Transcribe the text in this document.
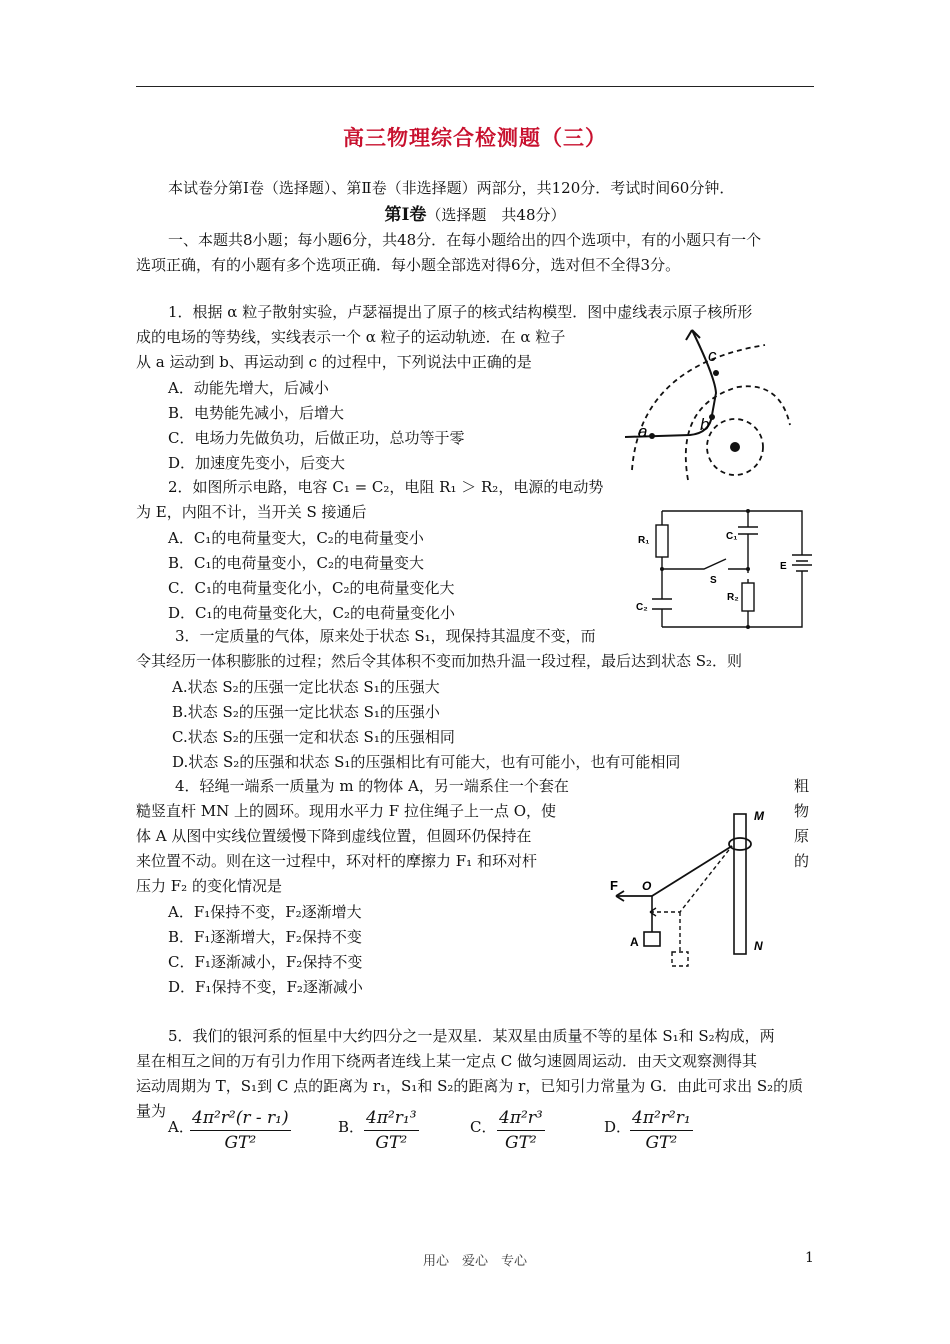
高三物理综合检测题（三）
本试卷分第Ⅰ卷（选择题）、第Ⅱ卷（非选择题）两部分，共120分．考试时间60分钟．
第Ⅰ卷（选择题　共48分）
一、本题共8小题；每小题6分，共48分．在每小题给出的四个选项中，有的小题只有一个
选项正确，有的小题有多个选项正确．每小题全部选对得6分，选对但不全得3分。
1．根据 α 粒子散射实验，卢瑟福提出了原子的核式结构模型．图中虚线表示原子核所形
成的电场的等势线，实线表示一个 α 粒子的运动轨迹．在 α 粒子
从 a 运动到 b、再运动到 c 的过程中，下列说法中正确的是
A．动能先增大，后减小
B．电势能先减小，后增大
C．电场力先做负功，后做正功，总功等于零
D．加速度先变小，后变大
a	b
c
2．如图所示电路，电容 C₁ = C₂，电阻 R₁ ＞ R₂，电源的电动势
为 E，内阻不计，当开关 S 接通后
A．C₁的电荷量变大，C₂的电荷量变小
B．C₁的电荷量变小，C₂的电荷量变大
C．C₁的电荷量变化小，C₂的电荷量变化大
D．C₁的电荷量变化大，C₂的电荷量变化小
R₁	C₁
S
R₂
C₂
E
3．一定质量的气体，原来处于状态 S₁，现保持其温度不变，而
令其经历一体积膨胀的过程；然后令其体积不变而加热升温一段过程，最后达到状态 S₂．则
A.状态 S₂的压强一定比状态 S₁的压强大
B.状态 S₂的压强一定比状态 S₁的压强小
C.状态 S₂的压强一定和状态 S₁的压强相同
D.状态 S₂的压强和状态 S₁的压强相比有可能大，也有可能小，也有可能相同
4．轻绳一端系一质量为 m 的物体 A，另一端系住一个套在
糙竖直杆 MN 上的圆环。现用水平力 F 拉住绳子上一点 O，使
体 A 从图中实线位置缓慢下降到虚线位置，但圆环仍保持在
来位置不动。则在这一过程中，环对杆的摩擦力 F₁ 和环对杆
压力 F₂ 的变化情况是
粗
物
原
的
A．F₁保持不变，F₂逐渐增大
B．F₁逐渐增大，F₂保持不变
C．F₁逐渐减小，F₂保持不变
D．F₁保持不变，F₂逐渐减小
M
N
F O
A
5．我们的银河系的恒星中大约四分之一是双星．某双星由质量不等的星体 S₁和 S₂构成，两
星在相互之间的万有引力作用下绕两者连线上某一定点 C 做匀速圆周运动．由天文观察测得其
运动周期为 T，S₁到 C 点的距离为 r₁，S₁和 S₂的距离为 r，已知引力常量为 G．由此可求出 S₂的质
量为
A．
$\frac{\text{4π²r²(r - r₁)}}{\text{GT²}}$	B． $\frac{\text{4π²r₁³}}{\text{GT²}}$	C． $\frac{\text{4π²r³}}{\text{GT²}}$	D．
$\frac{\text{4π²r²r₁}}{\text{GT²}}$
用心　爱心　专心	1
